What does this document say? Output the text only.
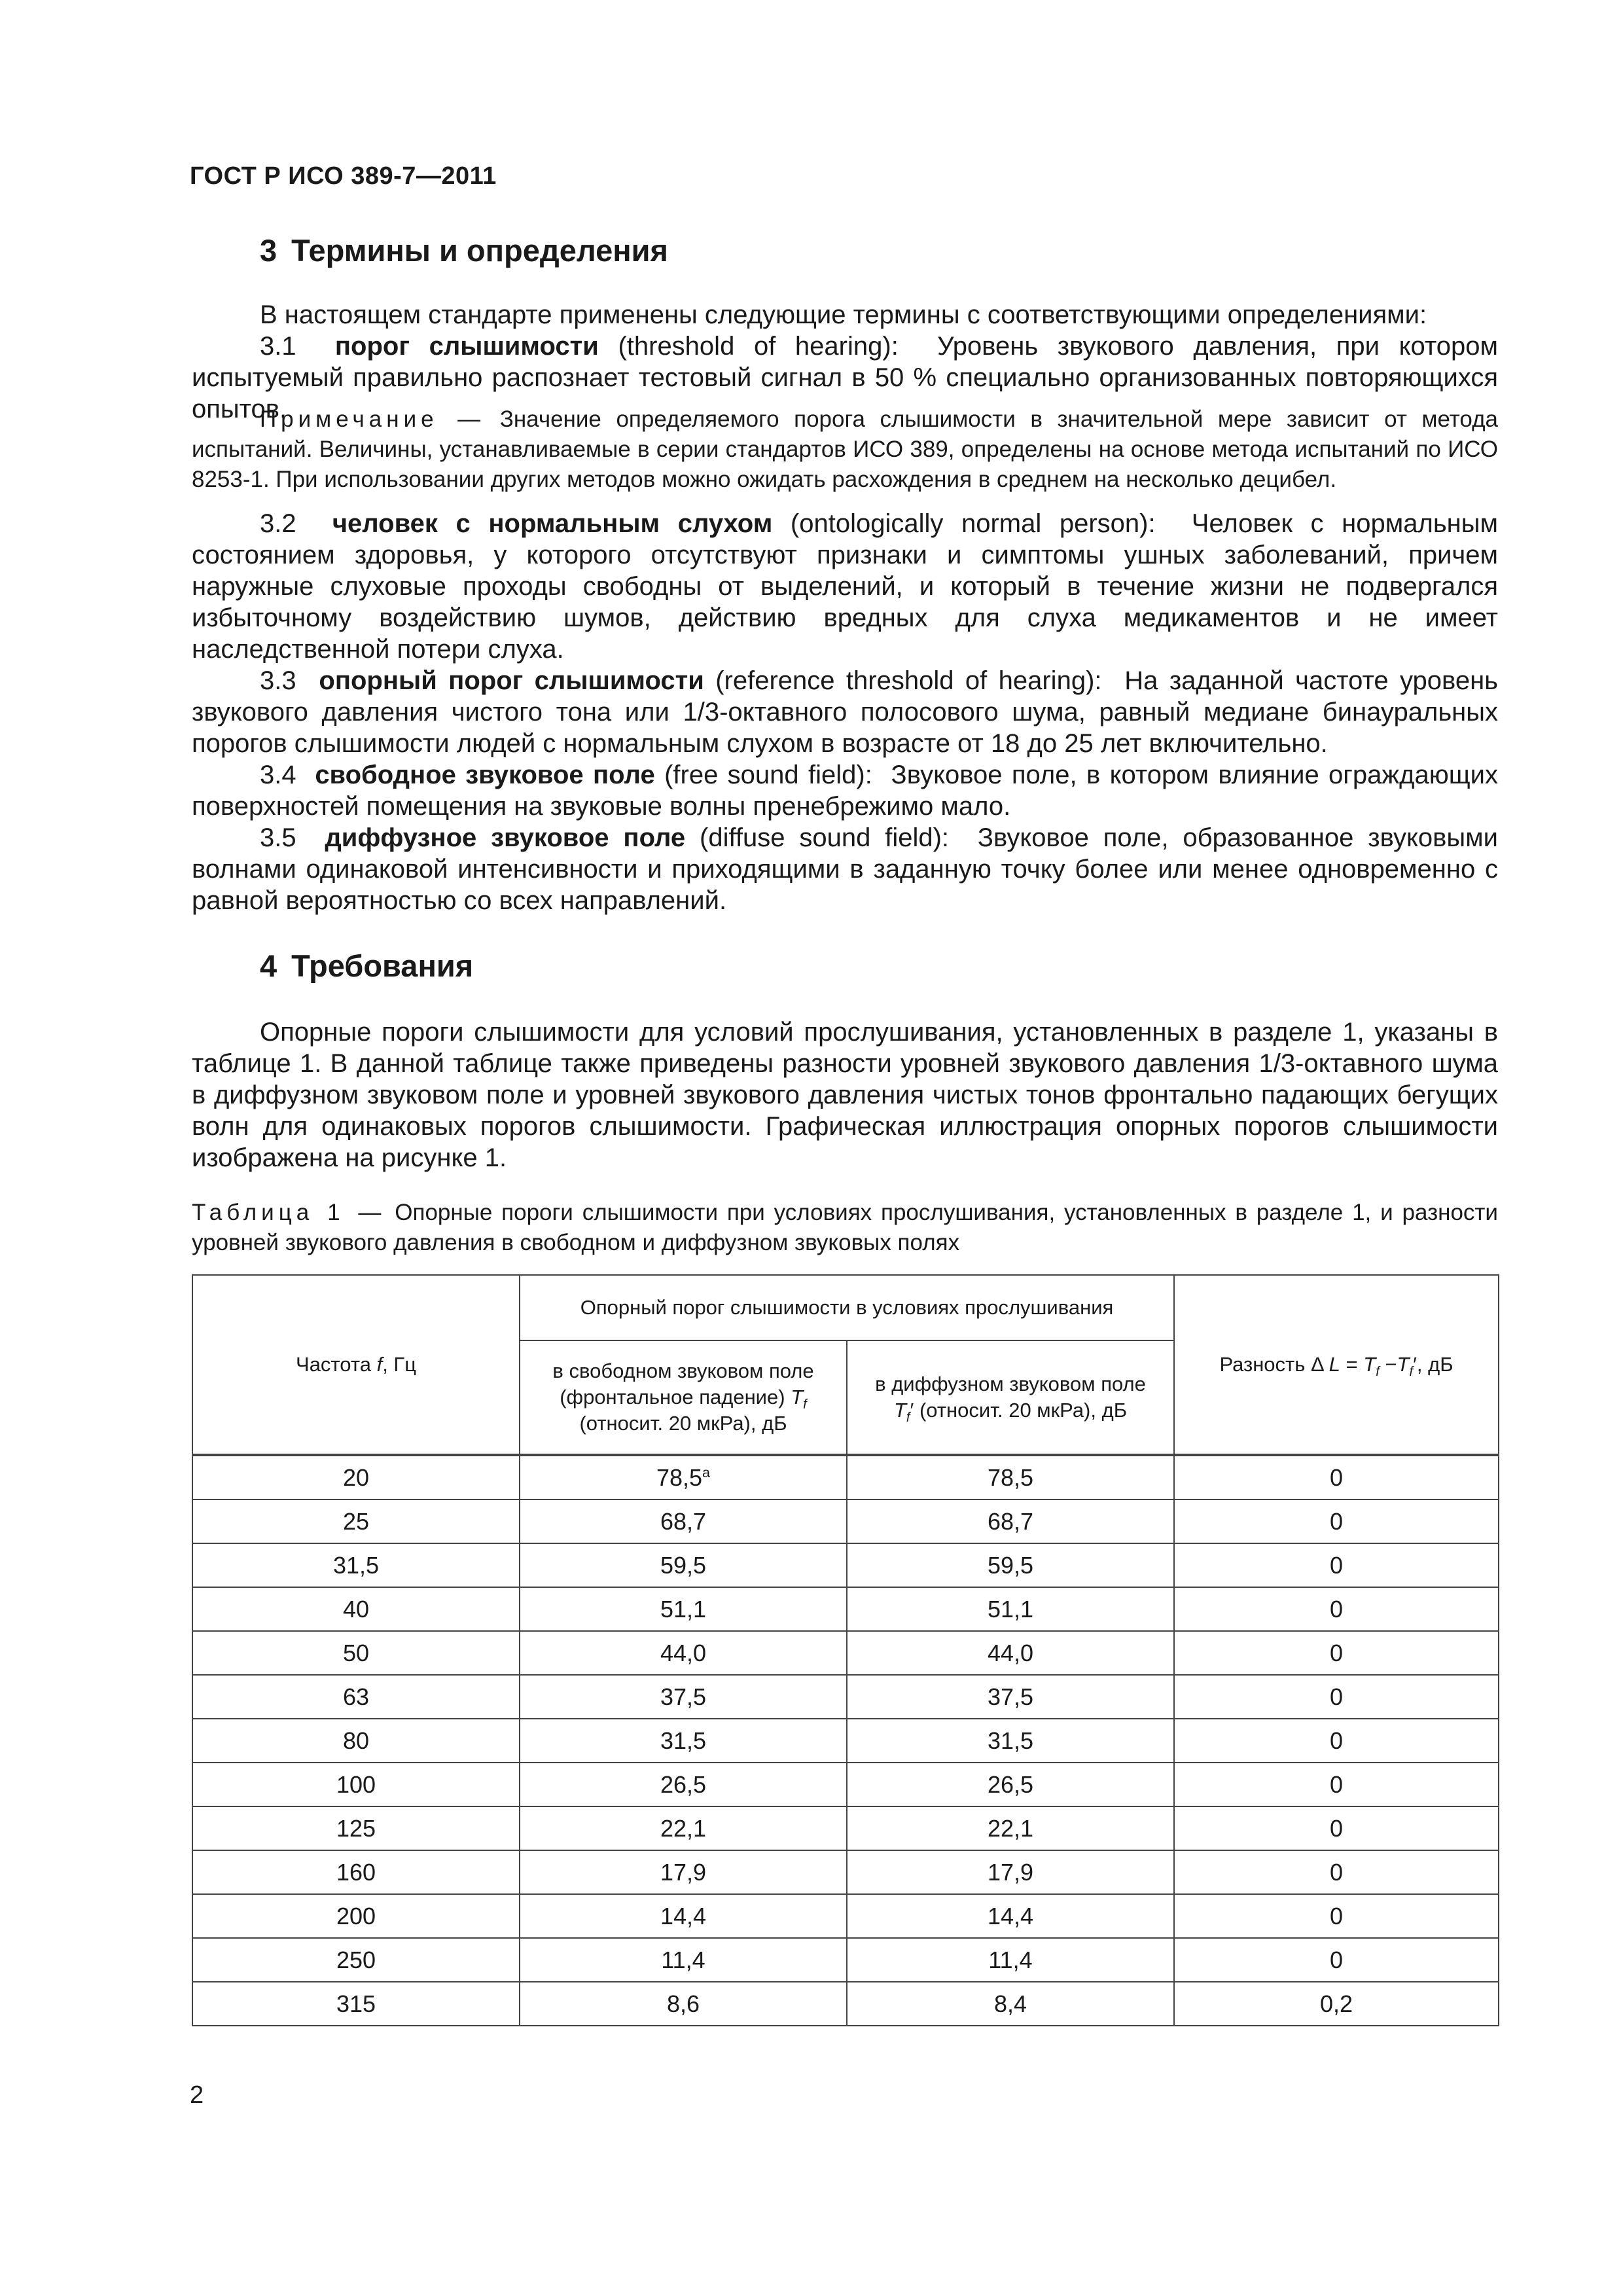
ГОСТ Р ИСО 389-7—2011
3 Термины и определения

В настоящем стандарте применены следующие термины с соответствующими определениями:

3.1 порог слышимости (threshold of hearing): Уровень звукового давления, при котором испытуемый правильно распознает тестовый сигнал в 50 % специально организованных повторяющихся опытов.

Примечание — Значение определяемого порога слышимости в значительной мере зависит от метода испытаний. Величины, устанавливаемые в серии стандартов ИСО 389, определены на основе метода испытаний по ИСО 8253-1. При использовании других методов можно ожидать расхождения в среднем на несколько децибел.

3.2 человек с нормальным слухом (ontologically normal person): Человек с нормальным состоянием здоровья, у которого отсутствуют признаки и симптомы ушных заболеваний, причем наружные слуховые проходы свободны от выделений, и который в течение жизни не подвергался избыточному воздействию шумов, действию вредных для слуха медикаментов и не имеет наследственной потери слуха.

3.3 опорный порог слышимости (reference threshold of hearing): На заданной частоте уровень звукового давления чистого тона или 1/3-октавного полосового шума, равный медиане бинауральных порогов слышимости людей с нормальным слухом в возрасте от 18 до 25 лет включительно.

3.4 свободное звуковое поле (free sound field): Звуковое поле, в котором влияние ограждающих поверхностей помещения на звуковые волны пренебрежимо мало.

3.5 диффузное звуковое поле (diffuse sound field): Звуковое поле, образованное звуковыми волнами одинаковой интенсивности и приходящими в заданную точку более или менее одновременно с равной вероятностью со всех направлений.

4 Требования

Опорные пороги слышимости для условий прослушивания, установленных в разделе 1, указаны в таблице 1. В данной таблице также приведены разности уровней звукового давления 1/3-октавного шума в диффузном звуковом поле и уровней звукового давления чистых тонов фронтально падающих бегущих волн для одинаковых порогов слышимости. Графическая иллюстрация опорных порогов слышимости изображена на рисунке 1.

Таблица 1 — Опорные пороги слышимости при условиях прослушивания, установленных в разделе 1, и разности уровней звукового давления в свободном и диффузном звуковых полях

Частота f, Гц	Опорный порог слышимости в условиях прослушивания		Разность Δ $L = T_f -T_f'$, дБ
	в свободном звуковом поле
(фронтальное падение) $T_f$
(относит. 20 мкРа), дБ	в диффузном звуковом поле
$T_f'$ (относит. 20 мкРа), дБ	
20	78,5$^a$	78,5	0
25	68,7	68,7	0
31,5	59,5	59,5	0
40	51,1	51,1	0
50	44,0	44,0	0
63	37,5	37,5	0
80	31,5	31,5	0
100	26,5	26,5	0
125	22,1	22,1	0
160	17,9	17,9	0
200	14,4	14,4	0
250	11,4	11,4	0
315	8,6	8,4	0,2
2
